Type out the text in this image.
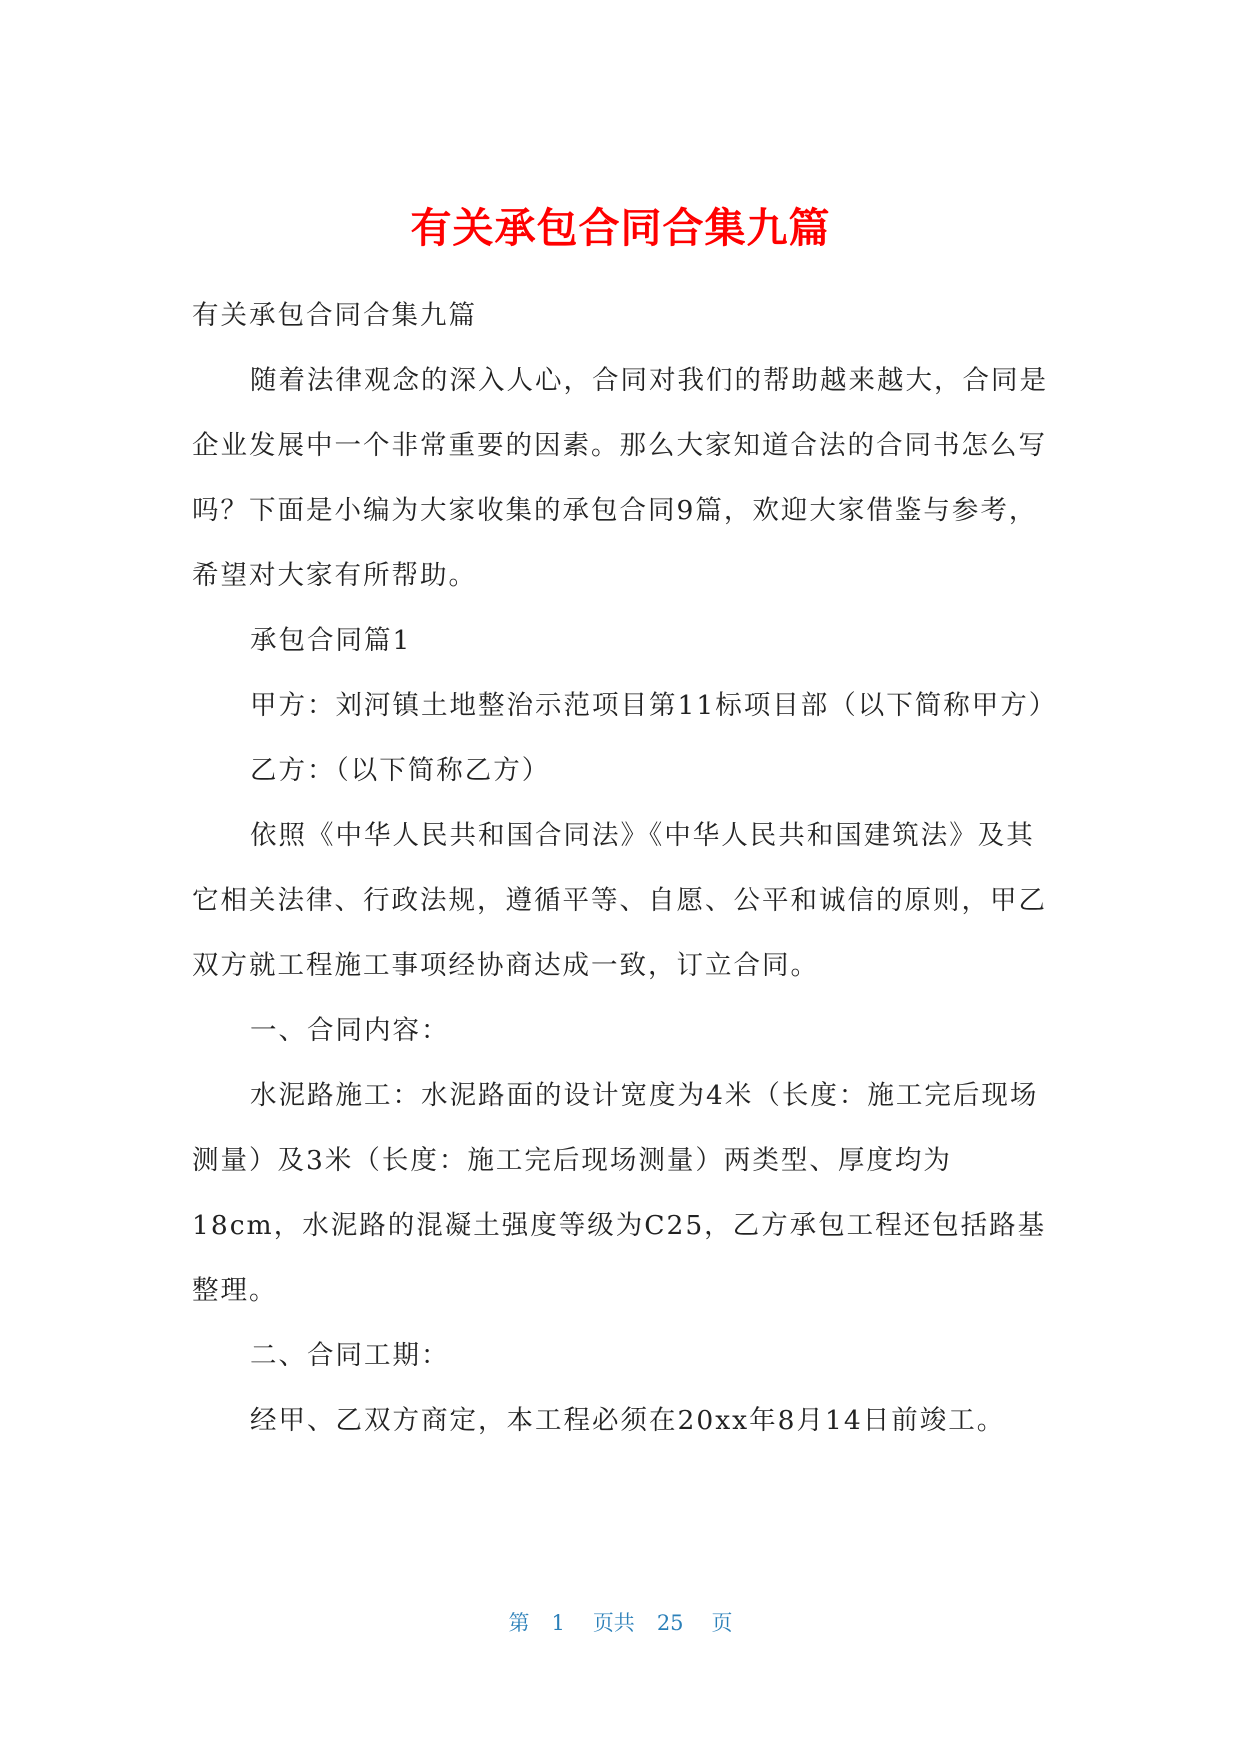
有关承包合同合集九篇

有关承包合同合集九篇

随着法律观念的深入人心，合同对我们的帮助越来越大，合同是企业发展中一个非常重要的因素。那么大家知道合法的合同书怎么写吗？下面是小编为大家收集的承包合同9篇，欢迎大家借鉴与参考，希望对大家有所帮助。

承包合同篇1

甲方：刘河镇土地整治示范项目第11标项目部（以下简称甲方）

乙方：（以下简称乙方）

依照《中华人民共和国合同法》《中华人民共和国建筑法》及其它相关法律、行政法规，遵循平等、自愿、公平和诚信的原则，甲乙双方就工程施工事项经协商达成一致，订立合同。

一、合同内容：

水泥路施工：水泥路面的设计宽度为4米（长度：施工完后现场测量）及3米（长度：施工完后现场测量）两类型、厚度均为18cm，水泥路的混凝土强度等级为C25，乙方承包工程还包括路基整理。

二、合同工期：

经甲、乙双方商定，本工程必须在20xx年8月14日前竣工。

第 1 页共 25 页
